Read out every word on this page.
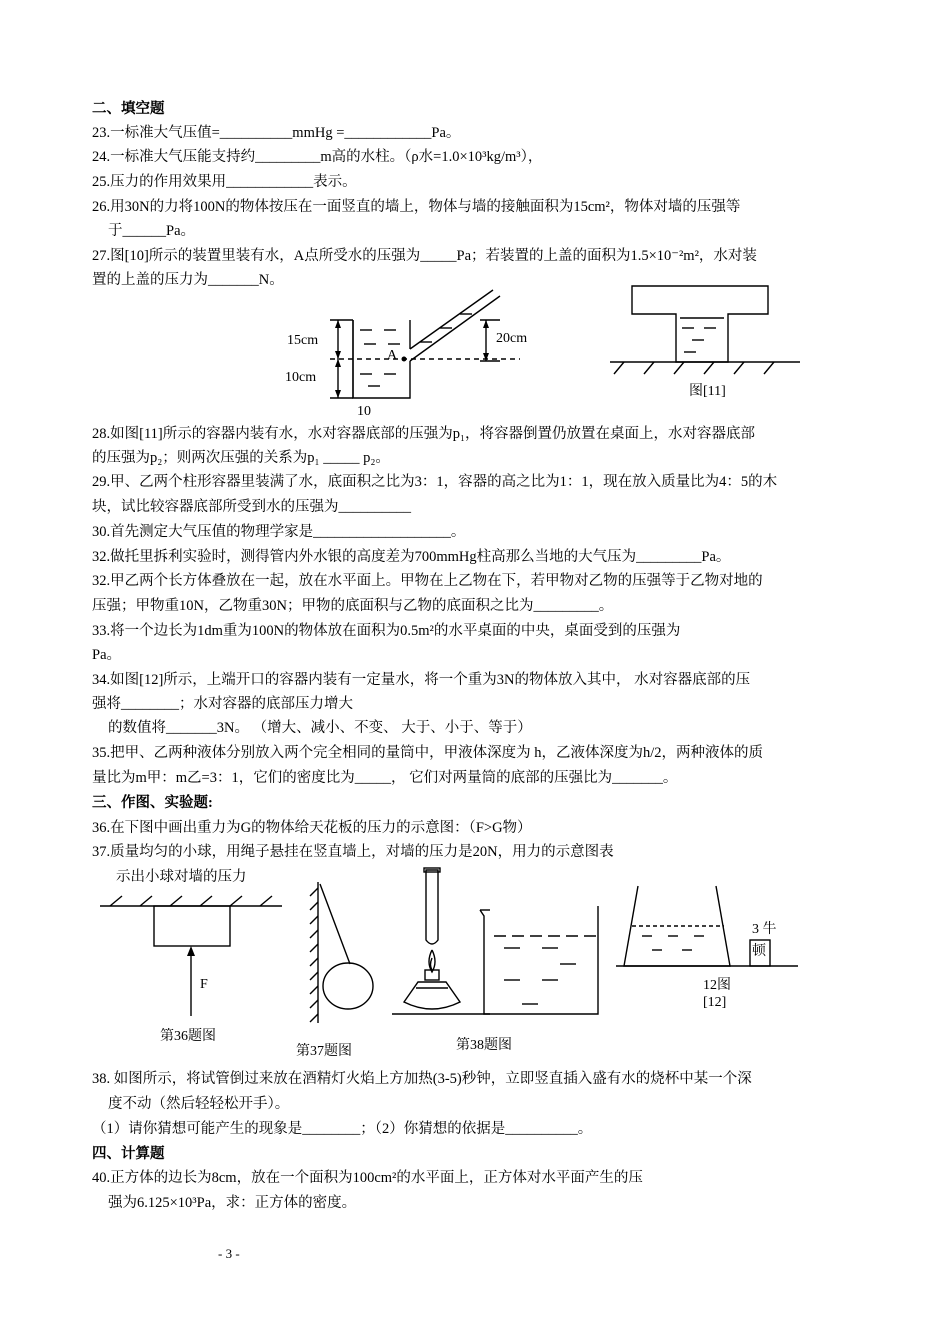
二、填空题
23.一标准大气压值=__________mmHg =____________Pa。
24.一标准大气压能支持约_________m高的水柱。（ρ水=1.0×10³kg/m³），
25.压力的作用效果用____________表示。
26.用30N的力将100N的物体按压在一面竖直的墙上，物体与墙的接触面积为15cm²，物体对墙的压强等
于______Pa。
27.图[10]所示的装置里装有水，A点所受水的压强为_____Pa；若装置的上盖的面积为1.5×10⁻²m²，水对装
置的上盖的压力为_______N。
15cm
10cm
20cm
A
10
图[11]
28.如图[11]所示的容器内装有水，水对容器底部的压强为p₁，将容器倒置仍放置在桌面上，水对容器底部
的压强为p₂；则两次压强的关系为p₁ _____ p₂。
29.甲、乙两个柱形容器里装满了水，底面积之比为3：1，容器的高之比为1：1，现在放入质量比为4：5的木
块，试比较容器底部所受到水的压强为__________
30.首先测定大气压值的物理学家是___________________。
32.做托里拆利实验时，测得管内外水银的高度差为700mmHg柱高那么当地的大气压为_________Pa。
32.甲乙两个长方体叠放在一起，放在水平面上。甲物在上乙物在下，若甲物对乙物的压强等于乙物对地的
压强；甲物重10N，乙物重30N；甲物的底面积与乙物的底面积之比为_________。
33.将一个边长为1dm重为100N的物体放在面积为0.5m²的水平桌面的中央，桌面受到的压强为
Pa。
34.如图[12]所示，上端开口的容器内装有一定量水，将一个重为3N的物体放入其中， 水对容器底部的压
强将________；水对容器的底部压力增大
的数值将_______3N。 （增大、减小、不变、 大于、小于、等于）
35.把甲、乙两种液体分别放入两个完全相同的量筒中，甲液体深度为 h，乙液体深度为h/2，两种液体的质
量比为m甲：m乙=3：1，它们的密度比为_____， 它们对两量筒的底部的压强比为_______。
三、作图、实验题:
36.在下图中画出重力为G的物体给天花板的压力的示意图：（F>G物）
37.质量均匀的小球，用绳子悬挂在竖直墙上，对墙的压力是20N，用力的示意图表
示出小球对墙的压力
F
第36题图
第37题图	第38题图
3 牛
顿
12图
[12]
38. 如图所示，将试管倒过来放在酒精灯火焰上方加热(3-5)秒钟，立即竖直插入盛有水的烧杯中某一个深
度不动（然后轻轻松开手）。
（1）请你猜想可能产生的现象是________；（2）你猜想的依据是__________。
四、计算题
40.正方体的边长为8cm，放在一个面积为100cm²的水平面上，正方体对水平面产生的压
强为6.125×10³Pa，求：正方体的密度。
- 3 -
